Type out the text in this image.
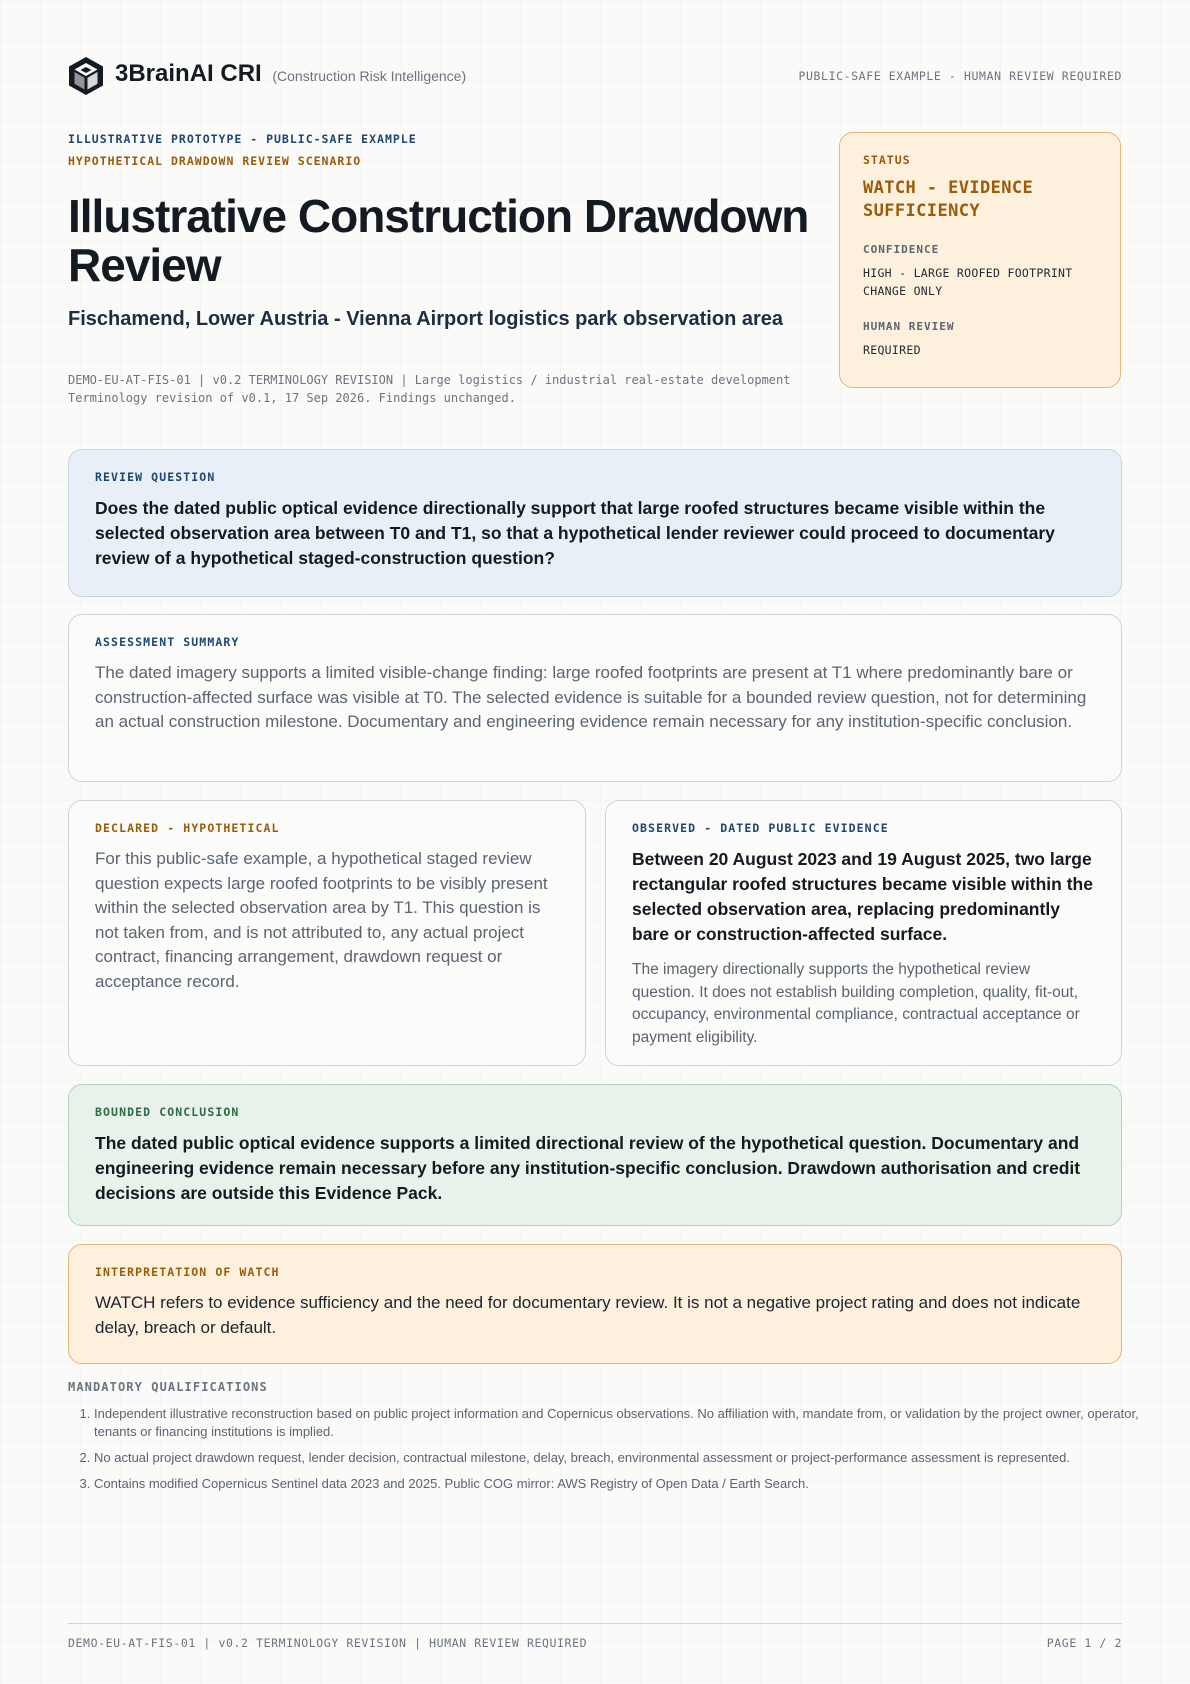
3BrainAI CRI (Construction Risk Intelligence)	PUBLIC-SAFE EXAMPLE - HUMAN REVIEW REQUIRED
ILLUSTRATIVE PROTOTYPE - PUBLIC-SAFE EXAMPLE
HYPOTHETICAL DRAWDOWN REVIEW SCENARIO
Illustrative Construction Drawdown Review
Fischamend, Lower Austria - Vienna Airport logistics park observation area
DEMO-EU-AT-FIS-01 | v0.2 TERMINOLOGY REVISION | Large logistics / industrial real-estate development
Terminology revision of v0.1, 17 Sep 2026. Findings unchanged.
STATUS
WATCH - EVIDENCE SUFFICIENCY
CONFIDENCE
HIGH - LARGE ROOFED FOOTPRINT CHANGE ONLY
HUMAN REVIEW
REQUIRED
REVIEW QUESTION
Does the dated public optical evidence directionally support that large roofed structures became visible within the selected observation area between T0 and T1, so that a hypothetical lender reviewer could proceed to documentary review of a hypothetical staged-construction question?
ASSESSMENT SUMMARY
The dated imagery supports a limited visible-change finding: large roofed footprints are present at T1 where predominantly bare or construction-affected surface was visible at T0. The selected evidence is suitable for a bounded review question, not for determining an actual construction milestone. Documentary and engineering evidence remain necessary for any institution-specific conclusion.
DECLARED - HYPOTHETICAL
For this public-safe example, a hypothetical staged review question expects large roofed footprints to be visibly present within the selected observation area by T1. This question is not taken from, and is not attributed to, any actual project contract, financing arrangement, drawdown request or acceptance record.
OBSERVED - DATED PUBLIC EVIDENCE
Between 20 August 2023 and 19 August 2025, two large rectangular roofed structures became visible within the selected observation area, replacing predominantly bare or construction-affected surface.
The imagery directionally supports the hypothetical review question. It does not establish building completion, quality, fit-out, occupancy, environmental compliance, contractual acceptance or payment eligibility.
BOUNDED CONCLUSION
The dated public optical evidence supports a limited directional review of the hypothetical question. Documentary and engineering evidence remain necessary before any institution-specific conclusion. Drawdown authorisation and credit decisions are outside this Evidence Pack.
INTERPRETATION OF WATCH
WATCH refers to evidence sufficiency and the need for documentary review. It is not a negative project rating and does not indicate delay, breach or default.
MANDATORY QUALIFICATIONS
1. Independent illustrative reconstruction based on public project information and Copernicus observations. No affiliation with, mandate from, or validation by the project owner, operator, tenants or financing institutions is implied.
2. No actual project drawdown request, lender decision, contractual milestone, delay, breach, environmental assessment or project-performance assessment is represented.
3. Contains modified Copernicus Sentinel data 2023 and 2025. Public COG mirror: AWS Registry of Open Data / Earth Search.
DEMO-EU-AT-FIS-01 | v0.2 TERMINOLOGY REVISION | HUMAN REVIEW REQUIRED	PAGE 1 / 2
